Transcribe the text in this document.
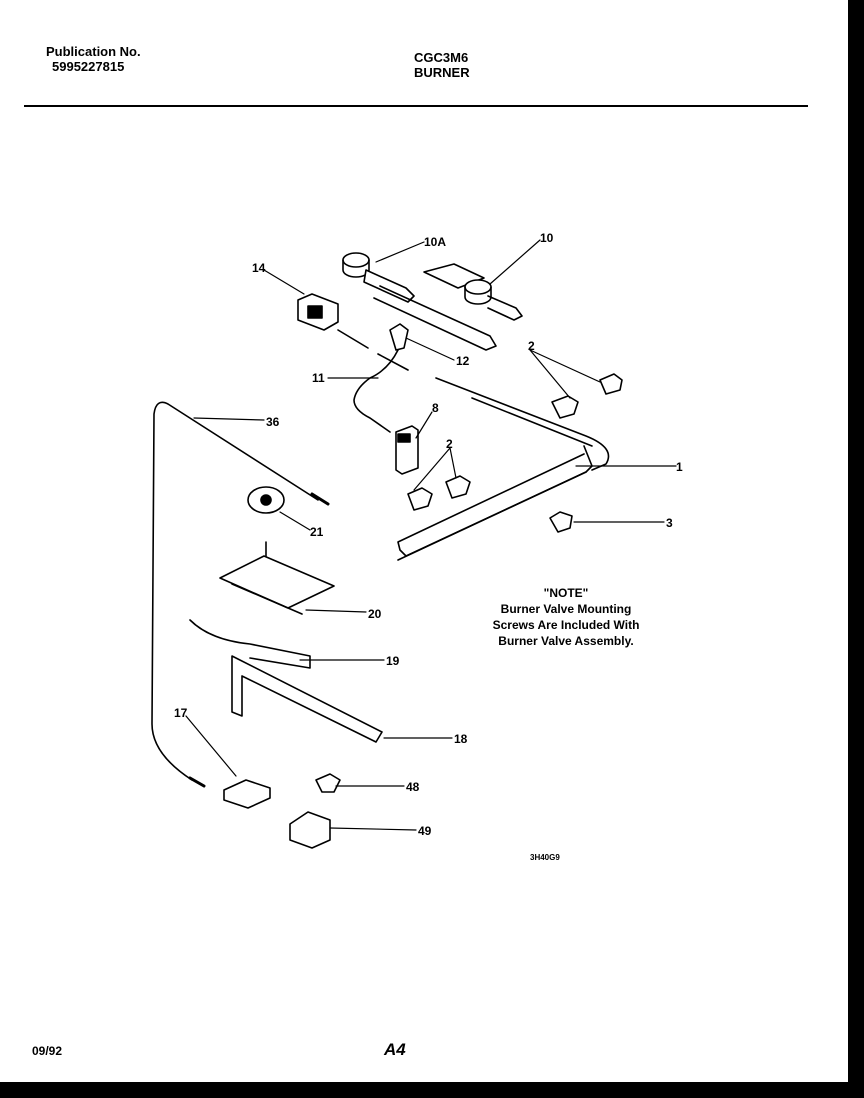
Publication No.
5995227815
CGC3M6
BURNER
10A	10
14
12
11
2
8
36
2
1
21
3
20
19
17
18
48
49
3H40G9
"NOTE"
Burner Valve Mounting
Screws Are Included With
Burner Valve Assembly.
09/92	A4
